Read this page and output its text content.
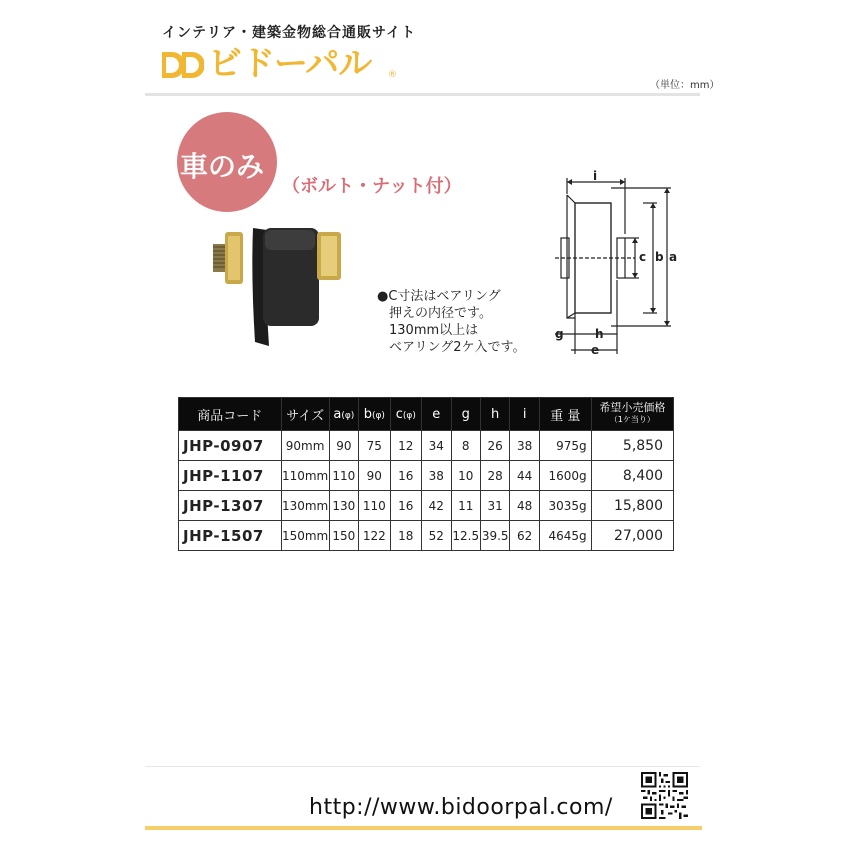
インテリア・建築金物総合通販サイト
ビドーパル ®
（単位：mm）
車のみ
（ボルト・ナット付）
●C寸法はベアリング
押えの内径です。
130mm以上は
ベアリング2ケ入です。
i
c b a
g	h
e
商品コード	サイズ	a(φ)	b(φ)	c(φ)	e	g	h	i	重 量	希望小売価格
（1ケ当り）

JHP-0907	90mm	90	75	12	34	8	26	38	975g	5,850
JHP-1107	110mm	110	90	16	38	10	28	44	1600g	8,400
JHP-1307	130mm	130	110	16	42	11	31	48	3035g	15,800
JHP-1507	150mm	150	122	18	52	12.5	39.5	62	4645g	27,000
http://www.bidoorpal.com/
